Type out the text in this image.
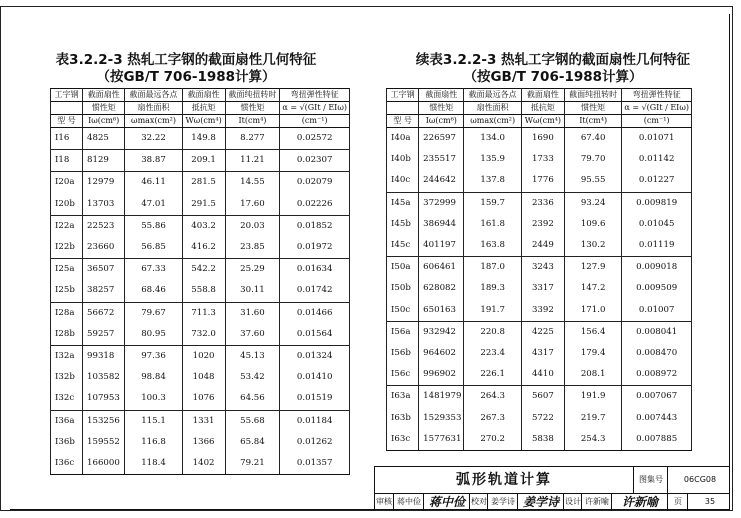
表3.2.2-3 热轧工字钢的截面扇性几何特征
（按GB/T 706-1988计算）
工字钢	截面扇性	截面最远各点	截面扇性	截面纯扭转时	弯扭弹性特征
	惯性矩	扇性面积	抵抗矩	惯性矩	α = √(GIt / EIω)
型 号	Iω(cm⁶)	ωmax(cm²)	Wω(cm⁴)	It(cm⁴)	(cm⁻¹)
I16	4825	32.22	149.8	8.277	0.02572
I18	8129	38.87	209.1	11.21	0.02307
I20a	12979	46.11	281.5	14.55	0.02079
I20b	13703	47.01	291.5	17.60	0.02226
I22a	22523	55.86	403.2	20.03	0.01852
I22b	23660	56.85	416.2	23.85	0.01972
I25a	36507	67.33	542.2	25.29	0.01634
I25b	38257	68.46	558.8	30.11	0.01742
I28a	56672	79.67	711.3	31.60	0.01466
I28b	59257	80.95	732.0	37.60	0.01564
I32a	99318	97.36	1020	45.13	0.01324
I32b	103582	98.84	1048	53.42	0.01410
I32c	107953	100.3	1076	64.56	0.01519
I36a	153256	115.1	1331	55.68	0.01184
I36b	159552	116.8	1366	65.84	0.01262
I36c	166000	118.4	1402	79.21	0.01357
续表3.2.2-3 热轧工字钢的截面扇性几何特征
（按GB/T 706-1988计算）
工字钢	截面扇性	截面最远各点	截面扇性	截面纯扭转时	弯扭弹性特征
	惯性矩	扇性面积	抵抗矩	惯性矩	α = √(GIt / EIω)
型 号	Iω(cm⁶)	ωmax(cm²)	Wω(cm⁴)	It(cm⁴)	(cm⁻¹)
I40a	226597	134.0	1690	67.40	0.01071
I40b	235517	135.9	1733	79.70	0.01142
I40c	244642	137.8	1776	95.55	0.01227
I45a	372999	159.7	2336	93.24	0.009819
I45b	386944	161.8	2392	109.6	0.01045
I45c	401197	163.8	2449	130.2	0.01119
I50a	606461	187.0	3243	127.9	0.009018
I50b	628082	189.3	3317	147.2	0.009509
I50c	650163	191.7	3392	171.0	0.01007
I56a	932942	220.8	4225	156.4	0.008041
I56b	964602	223.4	4317	179.4	0.008470
I56c	996902	226.1	4410	208.1	0.008972
I63a	1481979	264.3	5607	191.9	0.007067
I63b	1529353	267.3	5722	219.7	0.007443
I63c	1577631	270.2	5838	254.3	0.007885
弧形轨道计算	图集号	06CG08
审核 蒋中俭 蒋中俭 校对 姜学诗 姜学诗 设计 许新喻	许新喻	页	35
